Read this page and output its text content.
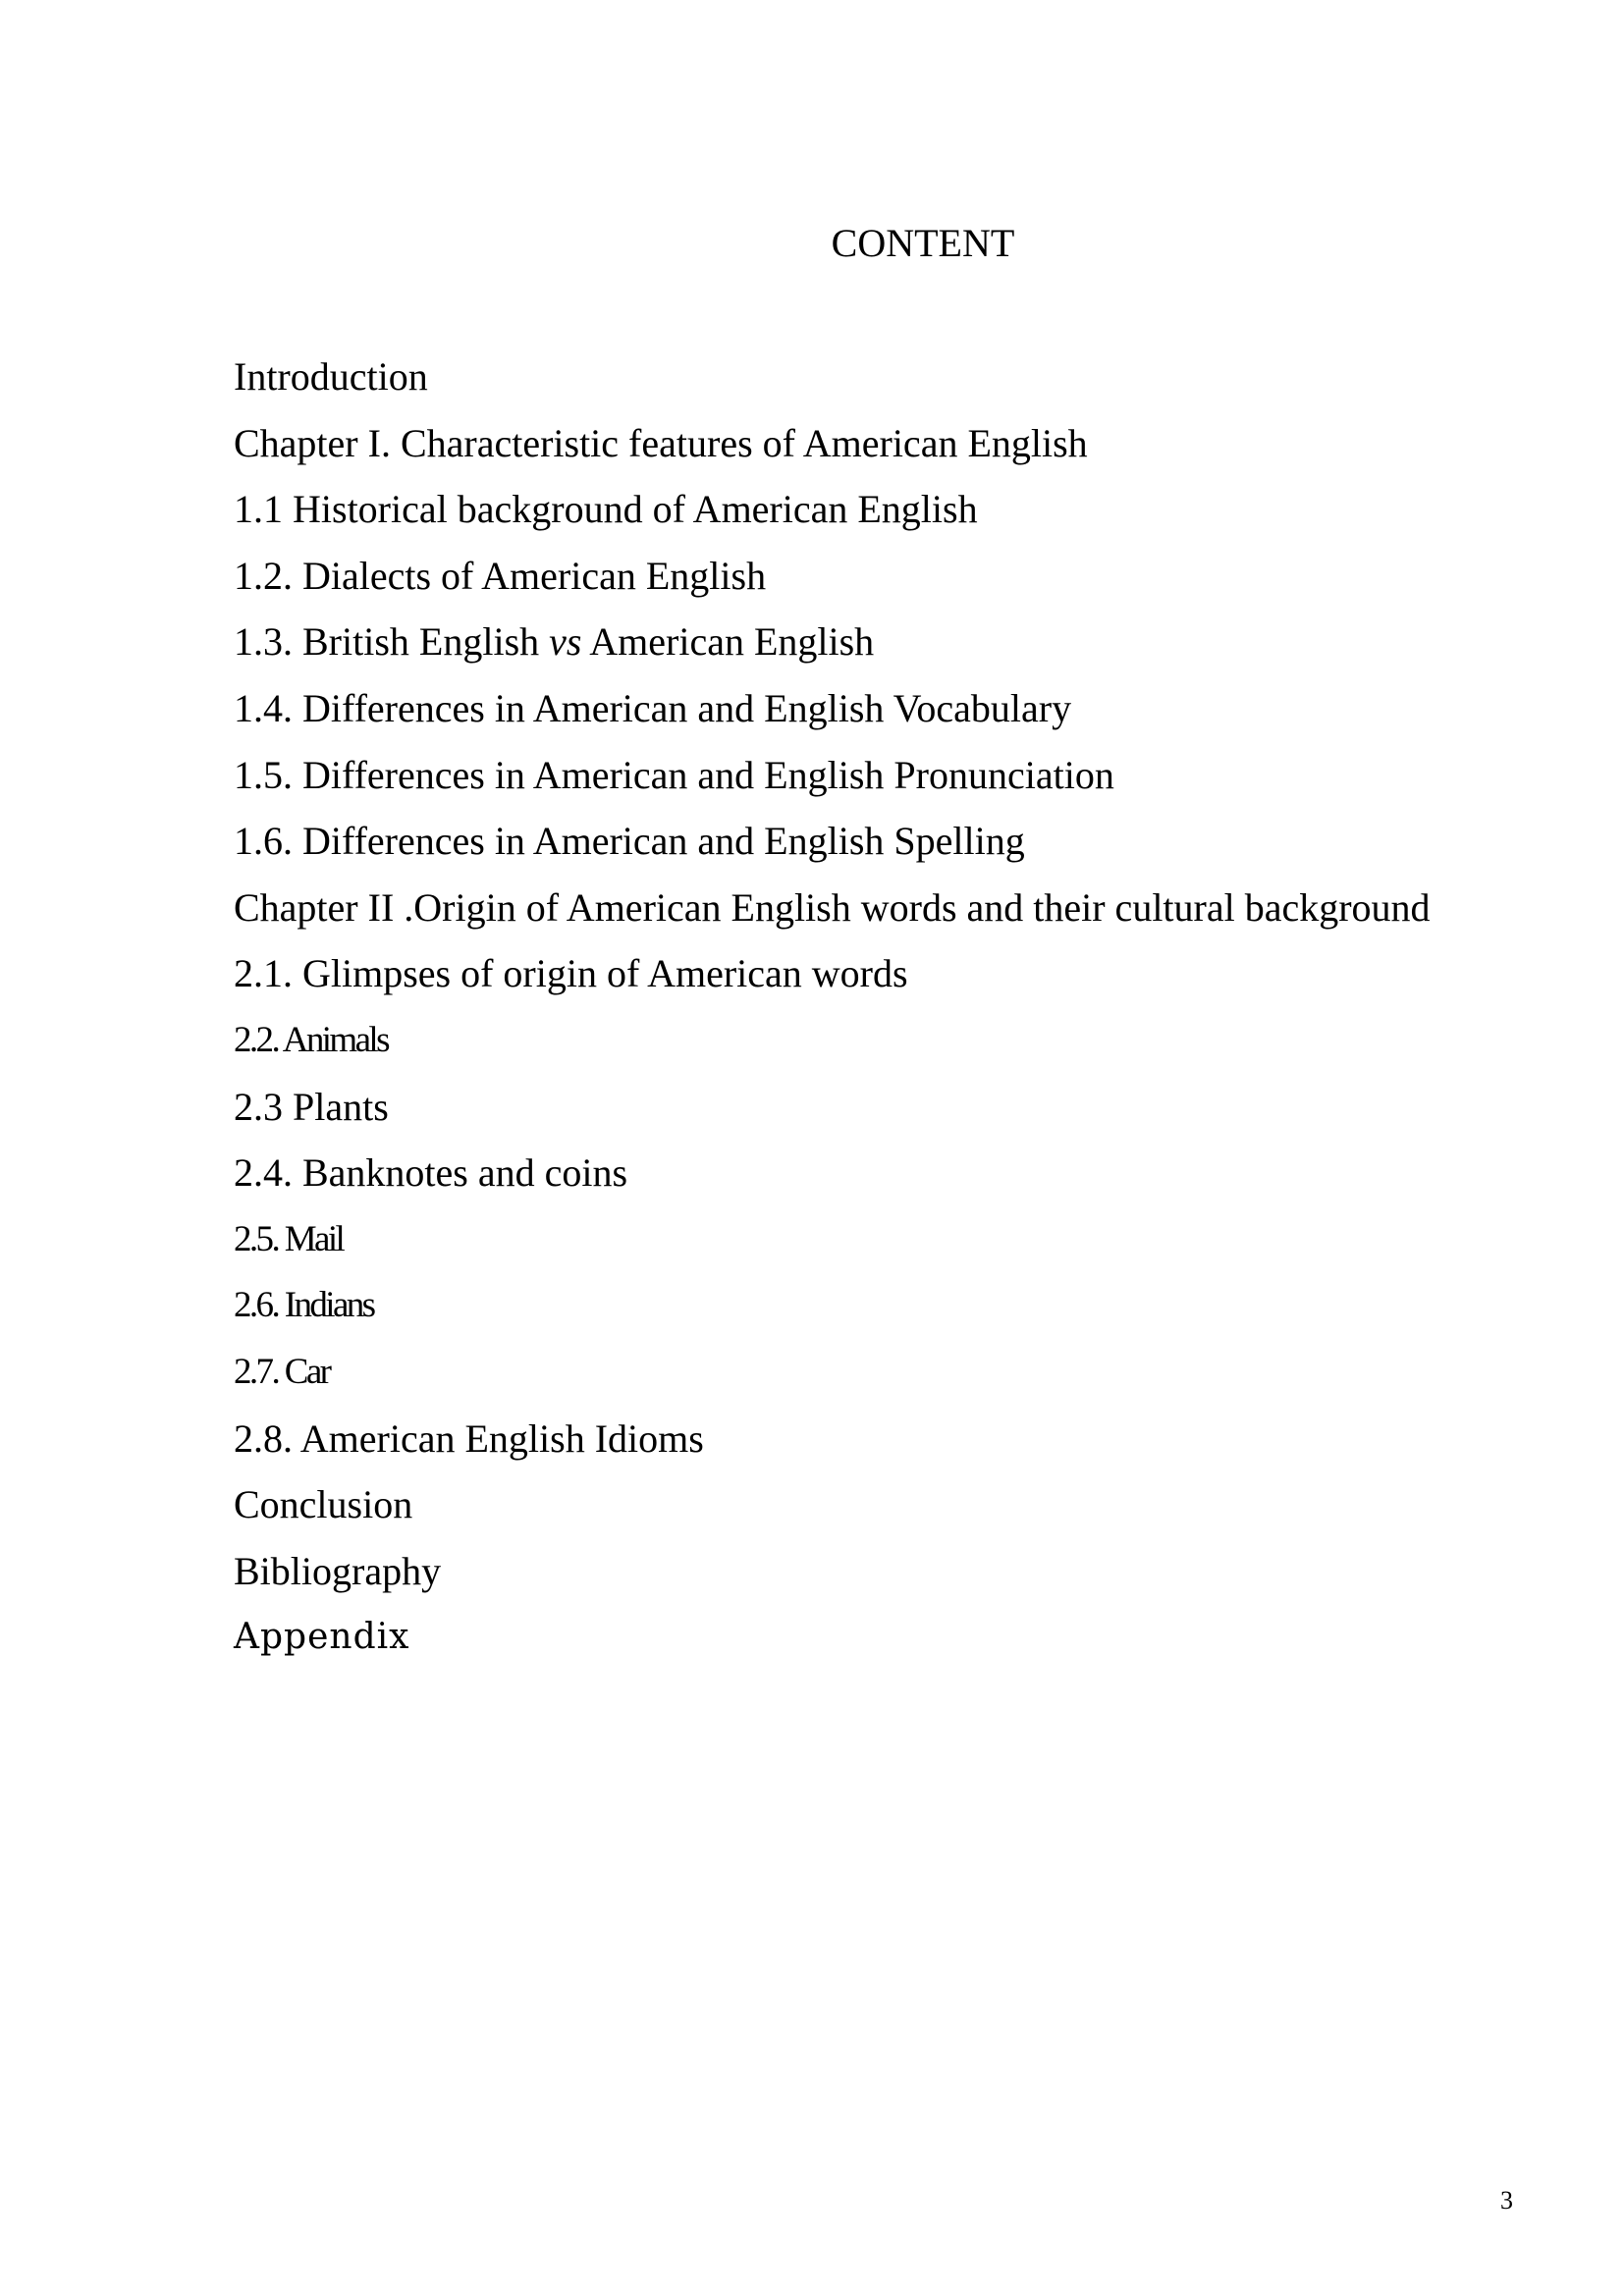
CONTENT
Introduction
Chapter I. Characteristic features of American English
1.1 Historical background of American English
1.2. Dialects of American English
1.3. British English vs American English
1.4. Differences in American and English Vocabulary
1.5. Differences in American and English Pronunciation
1.6. Differences in American and English Spelling
Chapter II .Origin of American English words and their cultural background
2.1. Glimpses of origin of American words
2.2. Animals
2.3 Plants
2.4. Banknotes and coins
2.5. Mail
2.6. Indians
2.7. Car
2.8. American English Idioms
Conclusion
Bibliography
Appendix
3
